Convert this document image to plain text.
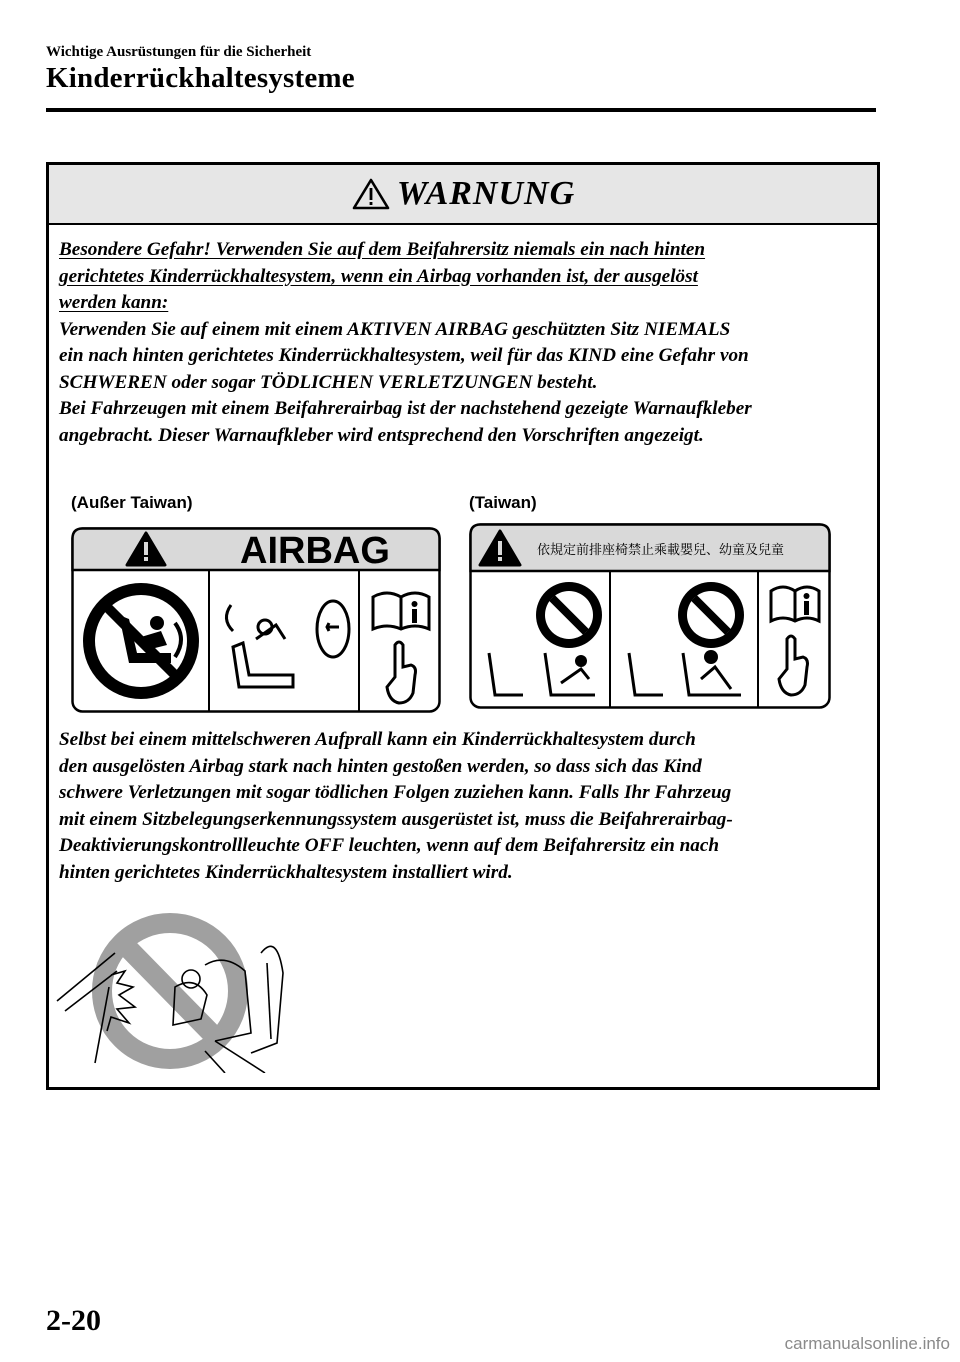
Wichtige Ausrüstungen für die Sicherheit
Kinderrückhaltesysteme
WARNUNG

Besondere Gefahr! Verwenden Sie auf dem Beifahrersitz niemals ein nach hinten

gerichtetes Kinderrückhaltesystem, wenn ein Airbag vorhanden ist, der ausgelöst

werden kann:

Verwenden Sie auf einem mit einem AKTIVEN AIRBAG geschützten Sitz NIEMALS

ein nach hinten gerichtetes Kinderrückhaltesystem, weil für das KIND eine Gefahr von

SCHWEREN oder sogar TÖDLICHEN VERLETZUNGEN besteht.

Bei Fahrzeugen mit einem Beifahrerairbag ist der nachstehend gezeigte Warnaufkleber

angebracht. Dieser Warnaufkleber wird entsprechend den Vorschriften angezeigt.

(Außer Taiwan)	(Taiwan)
AIRBAG	依規定前排座椅禁止乘載嬰兒、幼童及兒童

Selbst bei einem mittelschweren Aufprall kann ein Kinderrückhaltesystem durch

den ausgelösten Airbag stark nach hinten gestoßen werden, so dass sich das Kind

schwere Verletzungen mit sogar tödlichen Folgen zuziehen kann. Falls Ihr Fahrzeug

mit einem Sitzbelegungserkennungssystem ausgerüstet ist, muss die Beifahrerairbag-

Deaktivierungskontrollleuchte OFF leuchten, wenn auf dem Beifahrersitz ein nach

hinten gerichtetes Kinderrückhaltesystem installiert wird.

2-20
carmanualsonline.info
